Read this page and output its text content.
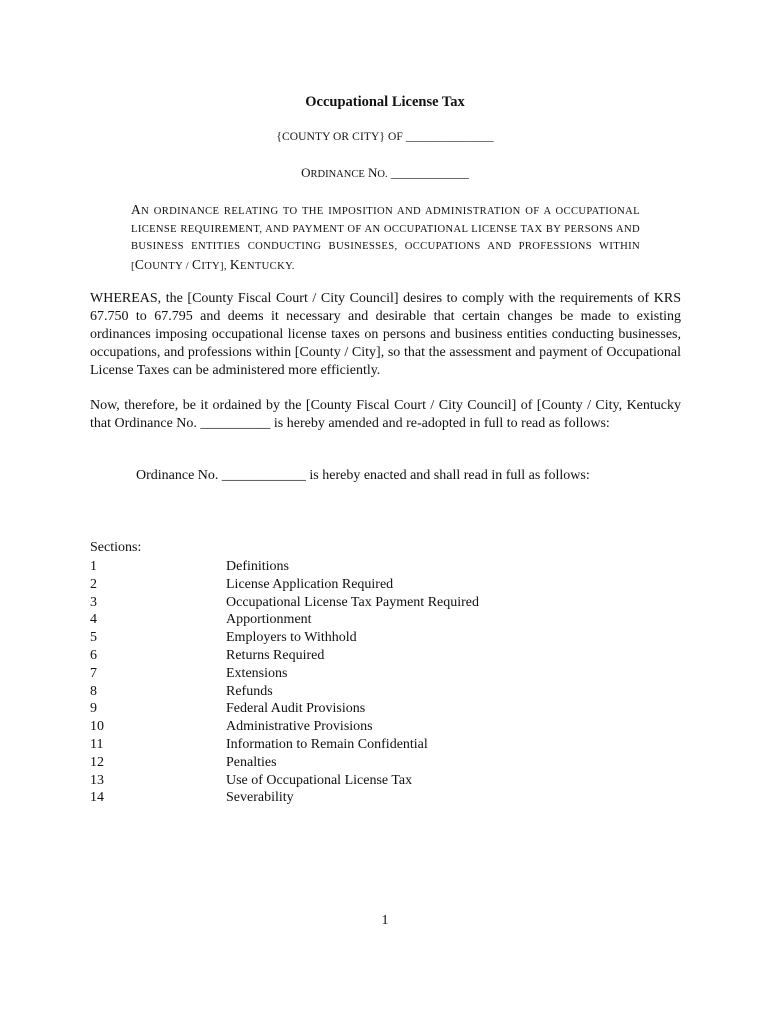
Occupational License Tax
{COUNTY OR CITY} OF _______________
ORDINANCE NO. ____________
AN ORDINANCE RELATING TO THE IMPOSITION AND ADMINISTRATION OF A OCCUPATIONAL LICENSE REQUIREMENT, AND PAYMENT OF AN OCCUPATIONAL LICENSE TAX BY PERSONS AND BUSINESS ENTITIES CONDUCTING BUSINESSES, OCCUPATIONS AND PROFESSIONS WITHIN [COUNTY / CITY], KENTUCKY.
WHEREAS, the [County Fiscal Court / City Council] desires to comply with the requirements of KRS 67.750 to 67.795 and deems it necessary and desirable that certain changes be made to existing ordinances imposing occupational license taxes on persons and business entities conducting businesses, occupations, and professions within [County / City], so that the assessment and payment of Occupational License Taxes can be administered more efficiently.
Now, therefore, be it ordained by the [County Fiscal Court / City Council] of [County / City, Kentucky that Ordinance No. __________ is hereby amended and re-adopted in full to read as follows:
Ordinance No. ____________ is hereby enacted and shall read in full as follows:
Sections:
1	Definitions
2	License Application Required
3	Occupational License Tax Payment Required
4	Apportionment
5	Employers to Withhold
6	Returns Required
7	Extensions
8	Refunds
9	Federal Audit Provisions
10	Administrative Provisions
11	Information to Remain Confidential
12	Penalties
13	Use of Occupational License Tax
14	Severability
1
